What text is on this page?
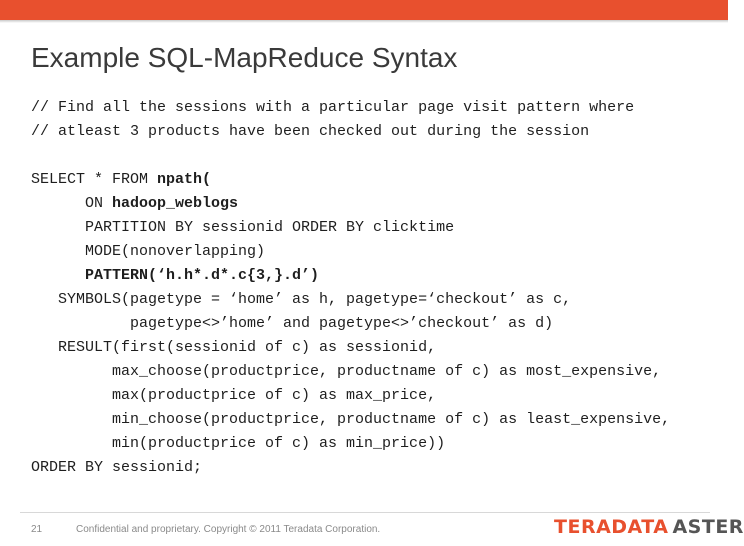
Example SQL-MapReduce Syntax
// Find all the sessions with a particular page visit pattern where
// atleast 3 products have been checked out during the session
SELECT * FROM npath(
ON hadoop_weblogs
PARTITION BY sessionid ORDER BY clicktime
MODE(nonoverlapping)
PATTERN(‘h.h*.d*.c{3,}.d’)
SYMBOLS(pagetype = ‘home’ as h, pagetype=‘checkout’ as c,
pagetype<>’home’ and pagetype<>’checkout’ as d)
RESULT(first(sessionid of c) as sessionid,
max_choose(productprice, productname of c) as most_expensive,
max(productprice of c) as max_price,
min_choose(productprice, productname of c) as least_expensive,
min(productprice of c) as min_price))
ORDER BY sessionid;
21	Confidential and proprietary. Copyright © 2011 Teradata Corporation.	TERADATA ASTER
